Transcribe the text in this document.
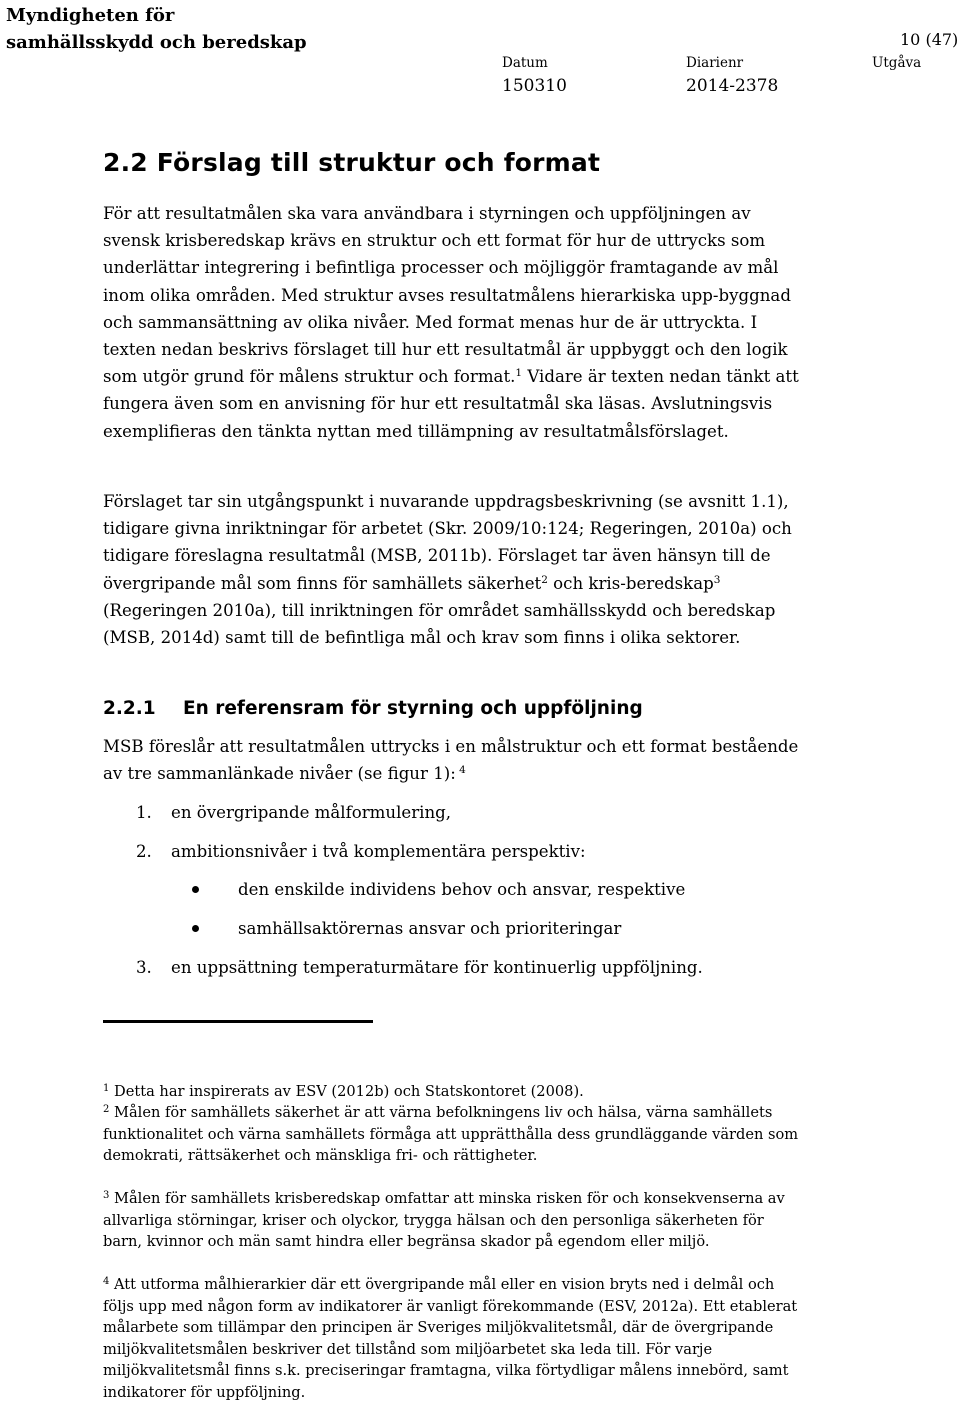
Myndigheten för
samhällsskydd och beredskap	10 (47)
Datum
150310
Diarienr
2014-2378
Utgåva
2.2 Förslag till struktur och format
För att resultatmålen ska vara användbara i styrningen och uppföljningen av svensk krisberedskap krävs en struktur och ett format för hur de uttrycks som underlättar integrering i befintliga processer och möjliggör framtagande av mål inom olika områden. Med struktur avses resultatmålens hierarkiska upp-byggnad och sammansättning av olika nivåer. Med format menas hur de är uttryckta. I texten nedan beskrivs förslaget till hur ett resultatmål är uppbyggt och den logik som utgör grund för målens struktur och format.$^1$ Vidare är texten nedan tänkt att fungera även som en anvisning för hur ett resultatmål ska läsas. Avslutningsvis exemplifieras den tänkta nyttan med tillämpning av resultatmålsförslaget.
Förslaget tar sin utgångspunkt i nuvarande uppdragsbeskrivning (se avsnitt 1.1), tidigare givna inriktningar för arbetet (Skr. 2009/10:124; Regeringen, 2010a) och tidigare föreslagna resultatmål (MSB, 2011b). Förslaget tar även hänsyn till de övergripande mål som finns för samhällets säkerhet$^2$ och kris-beredskap$^3$ (Regeringen 2010a), till inriktningen för området samhällsskydd och beredskap (MSB, 2014d) samt till de befintliga mål och krav som finns i olika sektorer.
2.2.1 En referensram för styrning och uppföljning
MSB föreslår att resultatmålen uttrycks i en målstruktur och ett format bestående av tre sammanlänkade nivåer (se figur 1): $^4$
1. en övergripande målformulering,
2. ambitionsnivåer i två komplementära perspektiv:
den enskilde individens behov och ansvar, respektive
samhällsaktörernas ansvar och prioriteringar
3. en uppsättning temperaturmätare för kontinuerlig uppföljning.
$^1$ Detta har inspirerats av ESV (2012b) och Statskontoret (2008).
$^2$ Målen för samhällets säkerhet är att värna befolkningens liv och hälsa, värna samhällets funktionalitet och värna samhällets förmåga att upprätthålla dess grundläggande värden som demokrati, rättsäkerhet och mänskliga fri- och rättigheter.
$^3$ Målen för samhällets krisberedskap omfattar att minska risken för och konsekvenserna av allvarliga störningar, kriser och olyckor, trygga hälsan och den personliga säkerheten för barn, kvinnor och män samt hindra eller begränsa skador på egendom eller miljö.
$^4$ Att utforma målhierarkier där ett övergripande mål eller en vision bryts ned i delmål och följs upp med någon form av indikatorer är vanligt förekommande (ESV, 2012a). Ett etablerat målarbete som tillämpar den principen är Sveriges miljökvalitetsmål, där de övergripande miljökvalitetsmålen beskriver det tillstånd som miljöarbetet ska leda till. För varje miljökvalitetsmål finns s.k. preciseringar framtagna, vilka förtydligar målens innebörd, samt indikatorer för uppföljning.
